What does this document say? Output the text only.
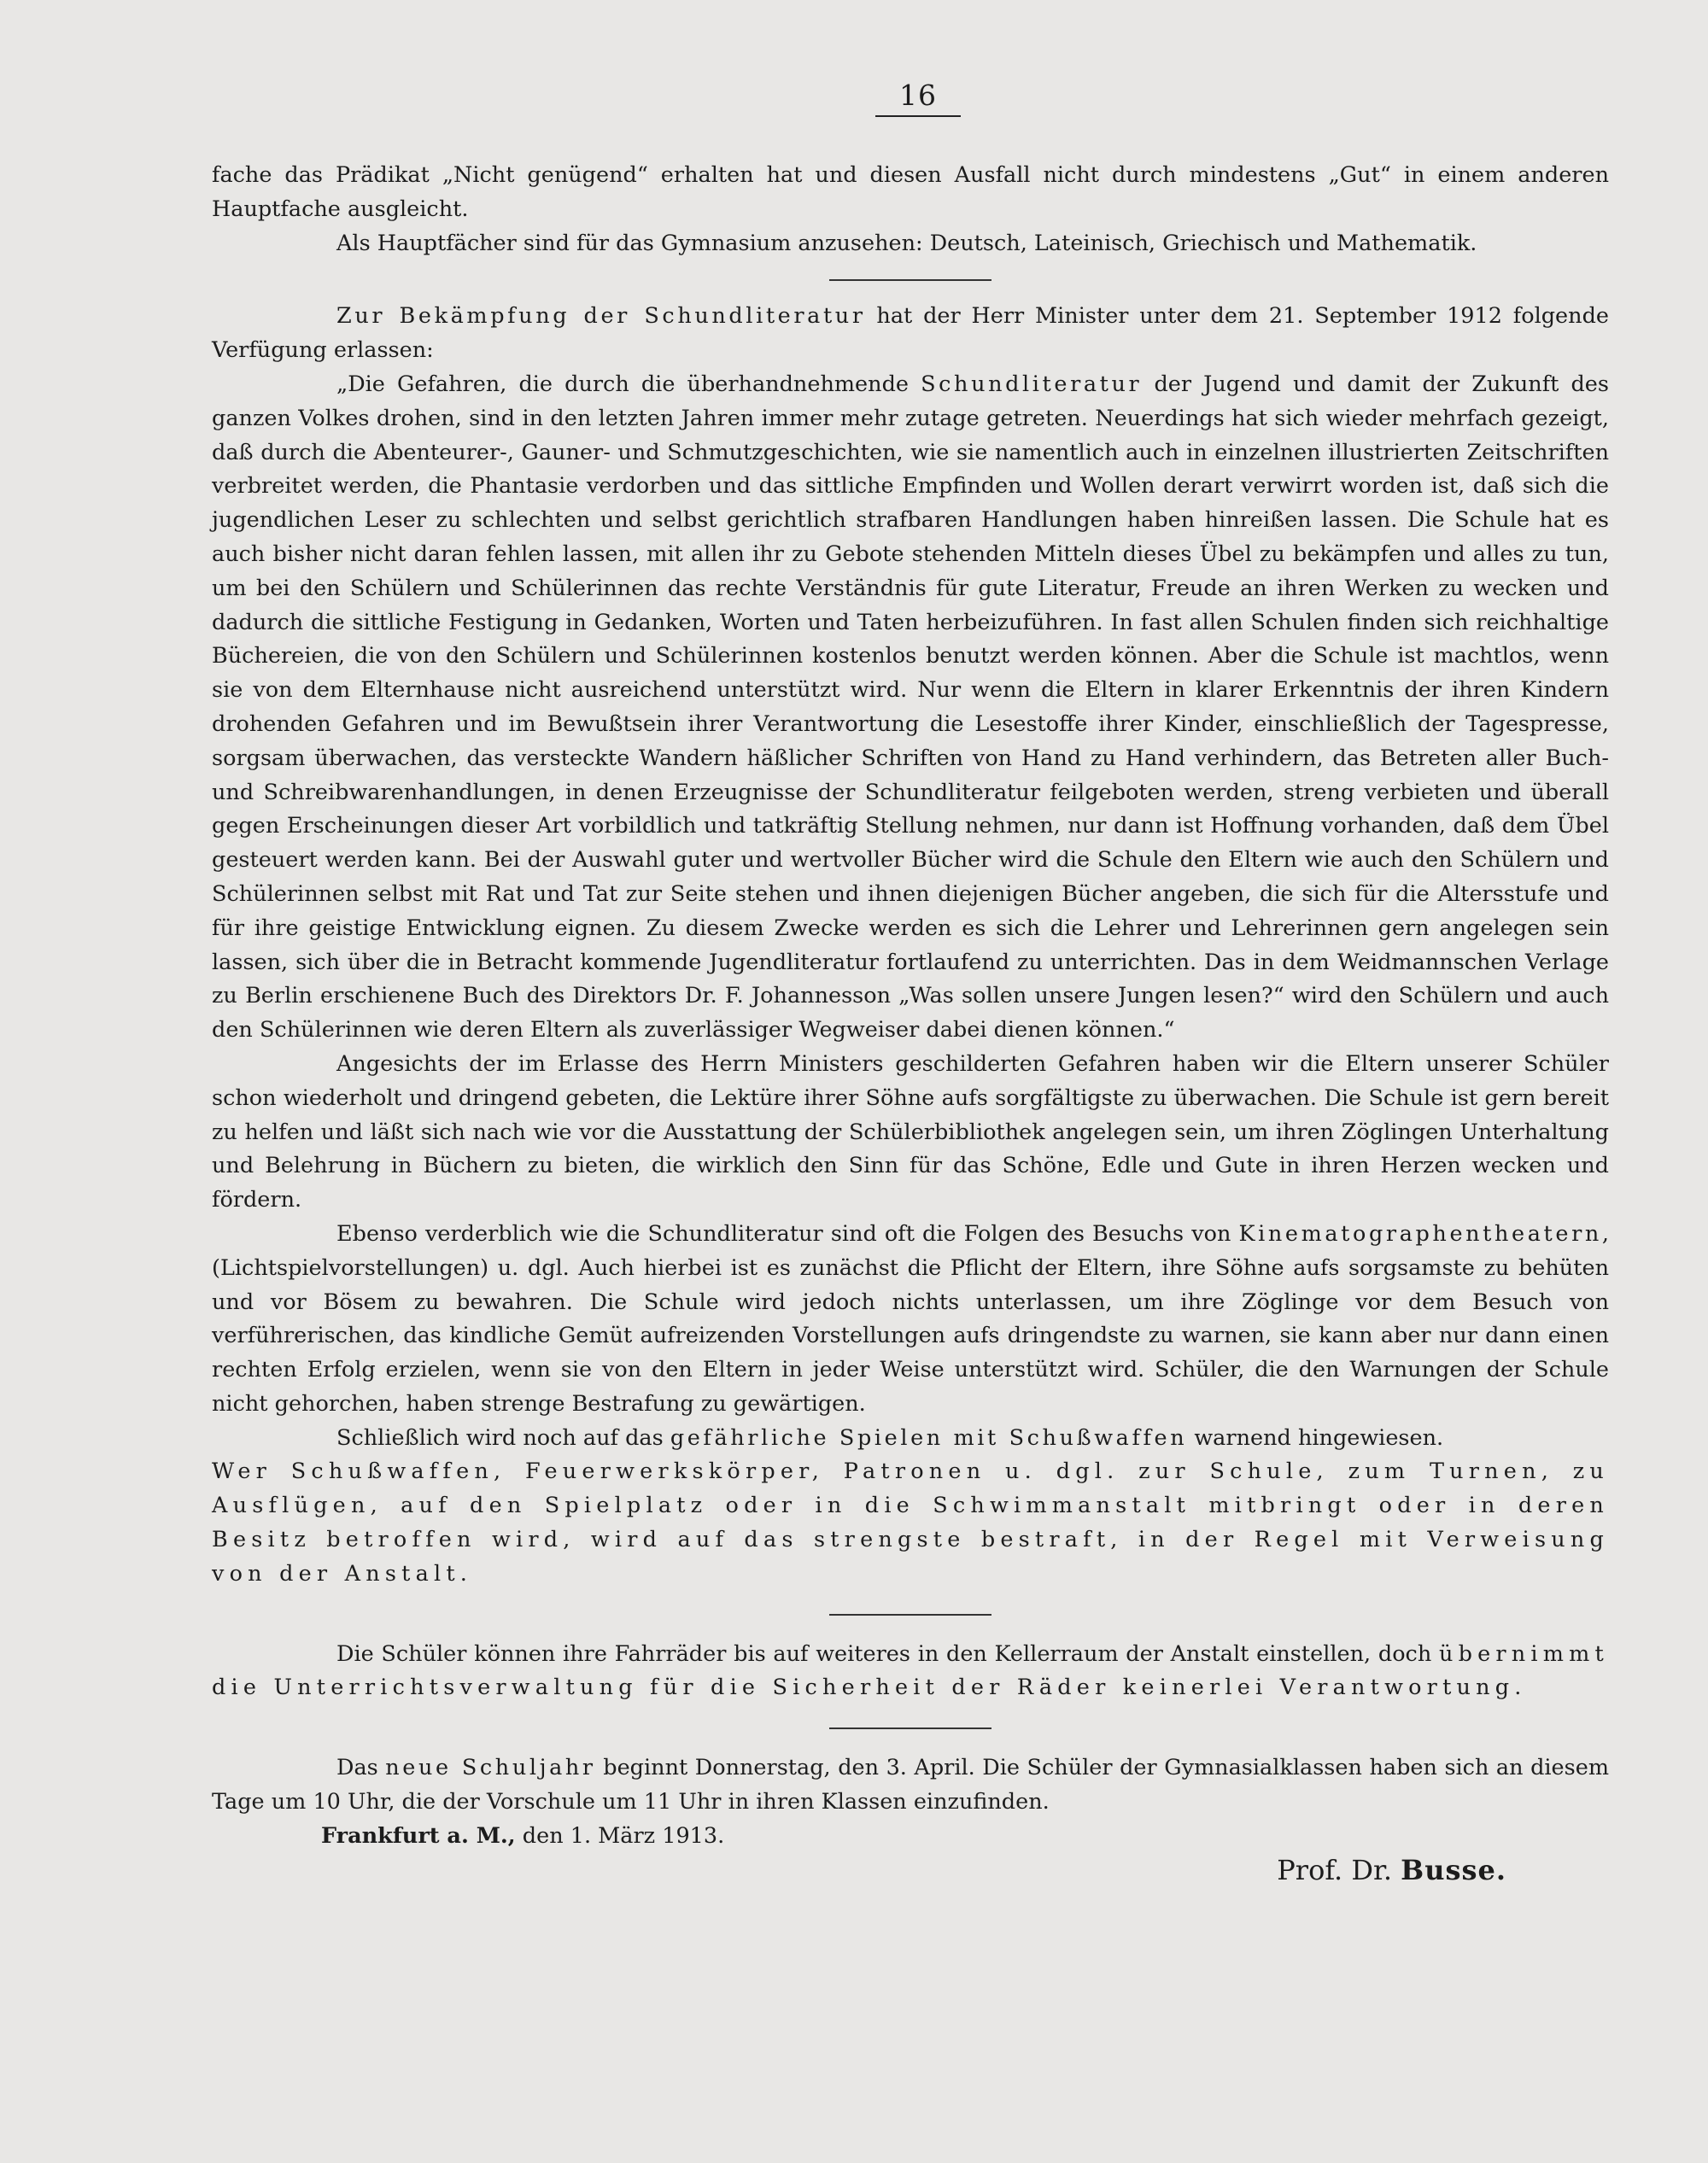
16

fache das Prädikat „Nicht genügend“ erhalten hat und diesen Ausfall nicht durch mindestens „Gut“ in einem anderen Hauptfache ausgleicht.

Als Hauptfächer sind für das Gymnasium anzusehen: Deutsch, Lateinisch, Griechisch und Mathematik.

Zur Bekämpfung der Schundliteratur hat der Herr Minister unter dem 21. September 1912 folgende Verfügung erlassen:

„Die Gefahren, die durch die überhandnehmende Schundliteratur der Jugend und damit der Zukunft des ganzen Volkes drohen, sind in den letzten Jahren immer mehr zutage getreten. Neuerdings hat sich wieder mehrfach gezeigt, daß durch die Abenteurer-, Gauner- und Schmutzgeschichten, wie sie namentlich auch in einzelnen illustrierten Zeitschriften verbreitet werden, die Phantasie verdorben und das sittliche Empfinden und Wollen derart verwirrt worden ist, daß sich die jugendlichen Leser zu schlechten und selbst gerichtlich strafbaren Handlungen haben hinreißen lassen. Die Schule hat es auch bisher nicht daran fehlen lassen, mit allen ihr zu Gebote stehenden Mitteln dieses Übel zu bekämpfen und alles zu tun, um bei den Schülern und Schülerinnen das rechte Verständnis für gute Literatur, Freude an ihren Werken zu wecken und dadurch die sittliche Festigung in Gedanken, Worten und Taten herbeizuführen. In fast allen Schulen finden sich reichhaltige Büchereien, die von den Schülern und Schülerinnen kostenlos benutzt werden können. Aber die Schule ist machtlos, wenn sie von dem Elternhause nicht ausreichend unterstützt wird. Nur wenn die Eltern in klarer Erkenntnis der ihren Kindern drohenden Gefahren und im Bewußtsein ihrer Verantwortung die Lesestoffe ihrer Kinder, einschließlich der Tagespresse, sorgsam überwachen, das versteckte Wandern häßlicher Schriften von Hand zu Hand verhindern, das Betreten aller Buch- und Schreibwarenhandlungen, in denen Erzeugnisse der Schundliteratur feilgeboten werden, streng verbieten und überall gegen Erscheinungen dieser Art vorbildlich und tatkräftig Stellung nehmen, nur dann ist Hoffnung vorhanden, daß dem Übel gesteuert werden kann. Bei der Auswahl guter und wertvoller Bücher wird die Schule den Eltern wie auch den Schülern und Schülerinnen selbst mit Rat und Tat zur Seite stehen und ihnen diejenigen Bücher angeben, die sich für die Altersstufe und für ihre geistige Entwicklung eignen. Zu diesem Zwecke werden es sich die Lehrer und Lehrerinnen gern angelegen sein lassen, sich über die in Betracht kommende Jugendliteratur fortlaufend zu unterrichten. Das in dem Weidmannschen Verlage zu Berlin erschienene Buch des Direktors Dr. F. Johannesson „Was sollen unsere Jungen lesen?“ wird den Schülern und auch den Schülerinnen wie deren Eltern als zuverlässiger Wegweiser dabei dienen können.“

Angesichts der im Erlasse des Herrn Ministers geschilderten Gefahren haben wir die Eltern unserer Schüler schon wiederholt und dringend gebeten, die Lektüre ihrer Söhne aufs sorgfältigste zu überwachen. Die Schule ist gern bereit zu helfen und läßt sich nach wie vor die Ausstattung der Schülerbibliothek angelegen sein, um ihren Zöglingen Unterhaltung und Belehrung in Büchern zu bieten, die wirklich den Sinn für das Schöne, Edle und Gute in ihren Herzen wecken und fördern.

Ebenso verderblich wie die Schundliteratur sind oft die Folgen des Besuchs von Kinematographentheatern, (Lichtspielvorstellungen) u. dgl. Auch hierbei ist es zunächst die Pflicht der Eltern, ihre Söhne aufs sorgsamste zu behüten und vor Bösem zu bewahren. Die Schule wird jedoch nichts unterlassen, um ihre Zöglinge vor dem Besuch von verführerischen, das kindliche Gemüt aufreizenden Vorstellungen aufs dringendste zu warnen, sie kann aber nur dann einen rechten Erfolg erzielen, wenn sie von den Eltern in jeder Weise unterstützt wird. Schüler, die den Warnungen der Schule nicht gehorchen, haben strenge Bestrafung zu gewärtigen.

Schließlich wird noch auf das gefährliche Spielen mit Schußwaffen warnend hingewiesen.

Wer Schußwaffen, Feuerwerkskörper, Patronen u. dgl. zur Schule, zum Turnen, zu Ausflügen, auf den Spielplatz oder in die Schwimmanstalt mitbringt oder in deren Besitz betroffen wird, wird auf das strengste bestraft, in der Regel mit Verweisung von der Anstalt.

Die Schüler können ihre Fahrräder bis auf weiteres in den Kellerraum der Anstalt einstellen, doch übernimmt die Unterrichtsverwaltung für die Sicherheit der Räder keinerlei Verantwortung.

Das neue Schuljahr beginnt Donnerstag, den 3. April. Die Schüler der Gymnasialklassen haben sich an diesem Tage um 10 Uhr, die der Vorschule um 11 Uhr in ihren Klassen einzufinden.

Frankfurt a. M., den 1. März 1913.

Prof. Dr. Busse.
